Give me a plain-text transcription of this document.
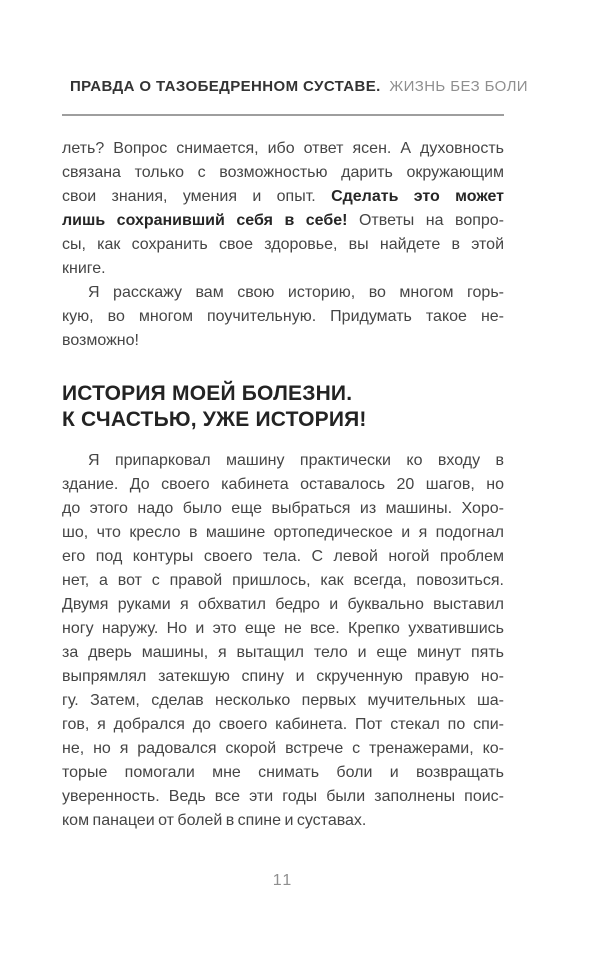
ПРАВДА О ТАЗОБЕДРЕННОМ СУСТАВЕ. ЖИЗНЬ БЕЗ БОЛИ

леть? Вопрос снимается, ибо ответ ясен. А духовность
связана только с возможностью дарить окружающим
свои знания, умения и опыт. Сделать это может
лишь сохранивший себя в себе! Ответы на вопро-
сы, как сохранить свое здоровье, вы найдете в этой
книге.

Я расскажу вам свою историю, во многом горь-
кую, во многом поучительную. Придумать такое не-
возможно!

ИСТОРИЯ МОЕЙ БОЛЕЗНИ.
К СЧАСТЬЮ, УЖЕ ИСТОРИЯ!

Я припарковал машину практически ко входу в
здание. До своего кабинета оставалось 20 шагов, но
до этого надо было еще выбраться из машины. Хоро-
шо, что кресло в машине ортопедическое и я подогнал
его под контуры своего тела. С левой ногой проблем
нет, а вот с правой пришлось, как всегда, повозиться.
Двумя руками я обхватил бедро и буквально выставил
ногу наружу. Но и это еще не все. Крепко ухватившись
за дверь машины, я вытащил тело и еще минут пять
выпрямлял затекшую спину и скрученную правую но-
гу. Затем, сделав несколько первых мучительных ша-
гов, я добрался до своего кабинета. Пот стекал по спи-
не, но я радовался скорой встрече с тренажерами, ко-
торые помогали мне снимать боли и возвращать
уверенность. Ведь все эти годы были заполнены поис-
ком панацеи от болей в спине и суставах.

11
